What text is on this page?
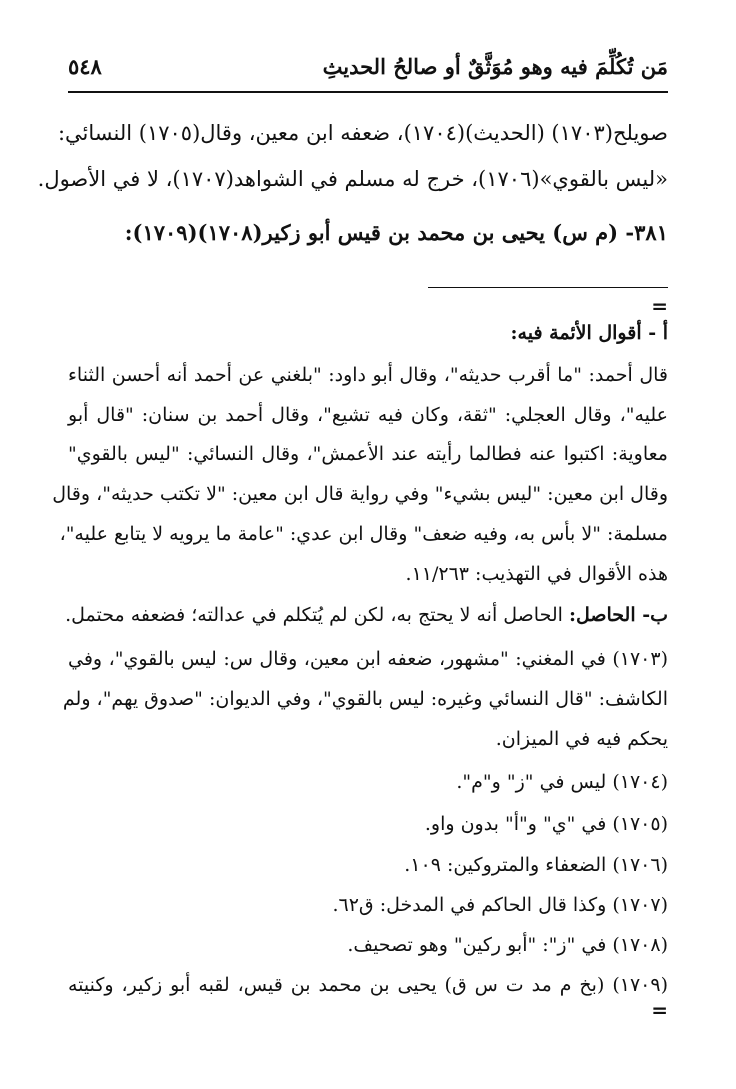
مَن تُكُلِّمَ فيه وهو مُوَثَّقٌ أو صالحُ الحديثِ
٥٤٨
صويلح(١٧٠٣) (الحديث)(١٧٠٤)، ضعفه ابن معين، وقال(١٧٠٥) النسائي:
«ليس بالقوي»(١٧٠٦)، خرج له مسلم في الشواهد(١٧٠٧)، لا في الأصول.
٣٨١- (م س) يحيى بن محمد بن قيس أبو زكير(١٧٠٨)(١٧٠٩):
=
أ - أقوال الأئمة فيه:
قال أحمد: "ما أقرب حديثه"، وقال أبو داود: "بلغني عن أحمد أنه أحسن الثناء
عليه"، وقال العجلي: "ثقة، وكان فيه تشيع"، وقال أحمد بن سنان: "قال أبو
معاوية: اكتبوا عنه فطالما رأيته عند الأعمش"، وقال النسائي: "ليس بالقوي"
وقال ابن معين: "ليس بشيء" وفي رواية قال ابن معين: "لا تكتب حديثه"، وقال
مسلمة: "لا بأس به، وفيه ضعف" وقال ابن عدي: "عامة ما يرويه لا يتابع عليه"،
هذه الأقوال في التهذيب: ١١/٢٦٣.
ب- الحاصل: الحاصل أنه لا يحتج به، لكن لم يُتكلم في عدالته؛ فضعفه محتمل.
(١٧٠٣) في المغني: "مشهور، ضعفه ابن معين، وقال س: ليس بالقوي"، وفي
الكاشف: "قال النسائي وغيره: ليس بالقوي"، وفي الديوان: "صدوق يهم"، ولم
يحكم فيه في الميزان.
(١٧٠٤) ليس في "ز" و"م".
(١٧٠٥) في "ي" و"أ" بدون واو.
(١٧٠٦) الضعفاء والمتروكين: ١٠٩.
(١٧٠٧) وكذا قال الحاكم في المدخل: ق٦٢.
(١٧٠٨) في "ز": "أبو ركين" وهو تصحيف.
(١٧٠٩) (بخ م مد ت س ق) يحيى بن محمد بن قيس، لقبه أبو زكير، وكنيته
=
